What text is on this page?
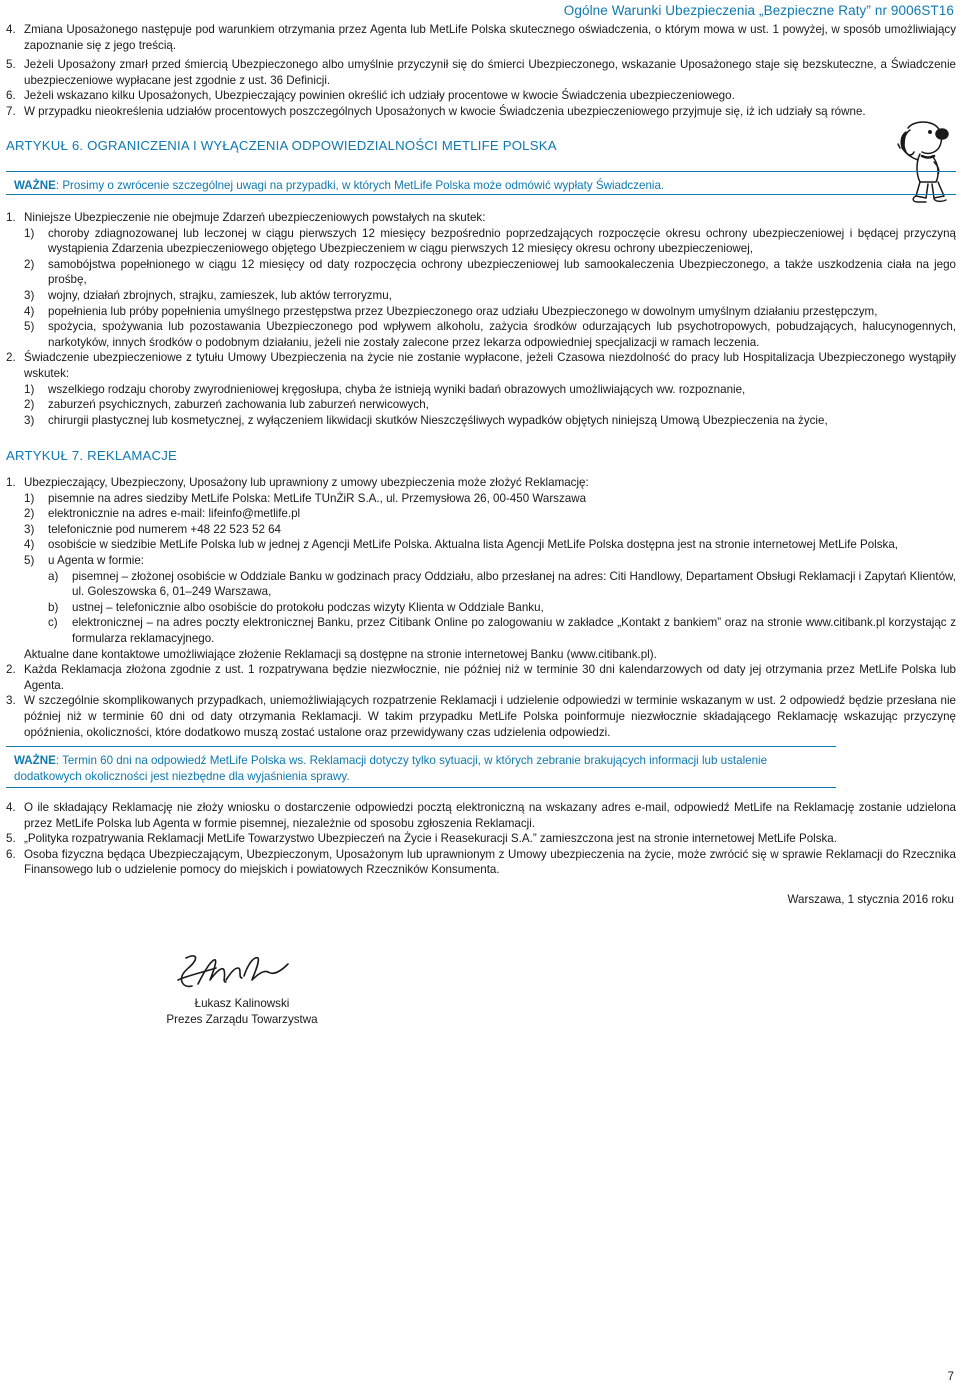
Ogólne Warunki Ubezpieczenia „Bezpieczne Raty” nr 9006ST16
4. Zmiana Uposażonego następuje pod warunkiem otrzymania przez Agenta lub MetLife Polska skutecznego oświadczenia, o którym mowa w ust. 1 powyżej, w sposób umożliwiający zapoznanie się z jego treścią.
5. Jeżeli Uposażony zmarł przed śmiercią Ubezpieczonego albo umyślnie przyczynił się do śmierci Ubezpieczonego, wskazanie Uposażonego staje się bezskuteczne, a Świadczenie ubezpieczeniowe wypłacane jest zgodnie z ust. 36 Definicji.
6. Jeżeli wskazano kilku Uposażonych, Ubezpieczający powinien określić ich udziały procentowe w kwocie Świadczenia ubezpieczeniowego.
7. W przypadku nieokreślenia udziałów procentowych poszczególnych Uposażonych w kwocie Świadczenia ubezpieczeniowego przyjmuje się, iż ich udziały są równe.
ARTYKUŁ 6. OGRANICZENIA I WYŁĄCZENIA ODPOWIEDZIALNOŚCI METLIFE POLSKA
WAŻNE: Prosimy o zwrócenie szczególnej uwagi na przypadki, w których MetLife Polska może odmówić wypłaty Świadczenia.
1. Niniejsze Ubezpieczenie nie obejmuje Zdarzeń ubezpieczeniowych powstałych na skutek:
1)	choroby zdiagnozowanej lub leczonej w ciągu pierwszych 12 miesięcy bezpośrednio poprzedzających rozpoczęcie okresu ochrony ubezpieczeniowej i będącej przyczyną wystąpienia Zdarzenia ubezpieczeniowego objętego Ubezpieczeniem w ciągu pierwszych 12 miesięcy okresu ochrony ubezpieczeniowej,
2)	samobójstwa popełnionego w ciągu 12 miesięcy od daty rozpoczęcia ochrony ubezpieczeniowej lub samookaleczenia Ubezpieczonego, a także uszkodzenia ciała na jego prośbę,
3)	wojny, działań zbrojnych, strajku, zamieszek, lub aktów terroryzmu,
4)	popełnienia lub próby popełnienia umyślnego przestępstwa przez Ubezpieczonego oraz udziału Ubezpieczonego w dowolnym umyślnym działaniu przestępczym,
5)	spożycia, spożywania lub pozostawania Ubezpieczonego pod wpływem alkoholu, zażycia środków odurzających lub psychotropowych, pobudzających, halucynogennych, narkotyków, innych środków o podobnym działaniu, jeżeli nie zostały zalecone przez lekarza odpowiedniej specjalizacji w ramach leczenia.
2. Świadczenie ubezpieczeniowe z tytułu Umowy Ubezpieczenia na życie nie zostanie wypłacone, jeżeli Czasowa niezdolność do pracy lub Hospitalizacja Ubezpieczonego wystąpiły wskutek:
1)	wszelkiego rodzaju choroby zwyrodnieniowej kręgosłupa, chyba że istnieją wyniki badań obrazowych umożliwiających ww. rozpoznanie,
2)	zaburzeń psychicznych, zaburzeń zachowania lub zaburzeń nerwicowych,
3)	chirurgii plastycznej lub kosmetycznej, z wyłączeniem likwidacji skutków Nieszczęśliwych wypadków objętych niniejszą Umową Ubezpieczenia na życie,
ARTYKUŁ 7. REKLAMACJE
1. Ubezpieczający, Ubezpieczony, Uposażony lub uprawniony z umowy ubezpieczenia może złożyć Reklamację:
1)	pisemnie na adres siedziby MetLife Polska: MetLife TUnŻiR S.A., ul. Przemysłowa 26, 00-450 Warszawa
2)	elektronicznie na adres e-mail: lifeinfo@metlife.pl
3)	telefonicznie pod numerem +48 22 523 52 64
4)	osobiście w siedzibie MetLife Polska lub w jednej z Agencji MetLife Polska. Aktualna lista Agencji MetLife Polska dostępna jest na stronie internetowej MetLife Polska,
5)	u Agenta w formie:
a)	pisemnej – złożonej osobiście w Oddziale Banku w godzinach pracy Oddziału, albo przesłanej na adres: Citi Handlowy, Departament Obsługi Reklamacji i Zapytań Klientów, ul. Goleszowska 6, 01–249 Warszawa,
b)	ustnej – telefonicznie albo osobiście do protokołu podczas wizyty Klienta w Oddziale Banku,
c)	elektronicznej – na adres poczty elektronicznej Banku, przez Citibank Online po zalogowaniu w zakładce „Kontakt z bankiem” oraz na stronie www.citibank.pl korzystając z formularza reklamacyjnego.

Aktualne dane kontaktowe umożliwiające złożenie Reklamacji są dostępne na stronie internetowej Banku (www.citibank.pl).

2. Każda Reklamacja złożona zgodnie z ust. 1 rozpatrywana będzie niezwłocznie, nie później niż w terminie 30 dni kalendarzowych od daty jej otrzymania przez MetLife Polska lub Agenta.
3. W szczególnie skomplikowanych przypadkach, uniemożliwiających rozpatrzenie Reklamacji i udzielenie odpowiedzi w terminie wskazanym w ust. 2 odpowiedź będzie przesłana nie później niż w terminie 60 dni od daty otrzymania Reklamacji. W takim przypadku MetLife Polska poinformuje niezwłocznie składającego Reklamację wskazując przyczynę opóźnienia, okoliczności, które dodatkowo muszą zostać ustalone oraz przewidywany czas udzielenia odpowiedzi.
WAŻNE: Termin 60 dni na odpowiedź MetLife Polska ws. Reklamacji dotyczy tylko sytuacji, w których zebranie brakujących informacji lub ustalenie dodatkowych okoliczności jest niezbędne dla wyjaśnienia sprawy.
4. O ile składający Reklamację nie złoży wniosku o dostarczenie odpowiedzi pocztą elektroniczną na wskazany adres e-mail, odpowiedź MetLife na Reklamację zostanie udzielona przez MetLife Polska lub Agenta w formie pisemnej, niezależnie od sposobu zgłoszenia Reklamacji.
5. „Polityka rozpatrywania Reklamacji MetLife Towarzystwo Ubezpieczeń na Życie i Reasekuracji S.A.” zamieszczona jest na stronie internetowej MetLife Polska.
6. Osoba fizyczna będąca Ubezpieczającym, Ubezpieczonym, Uposażonym lub uprawnionym z Umowy ubezpieczenia na życie, może zwrócić się w sprawie Reklamacji do Rzecznika Finansowego lub o udzielenie pomocy do miejskich i powiatowych Rzeczników Konsumenta.
Warszawa, 1 stycznia 2016 roku
Łukasz Kalinowski
Prezes Zarządu Towarzystwa
7
